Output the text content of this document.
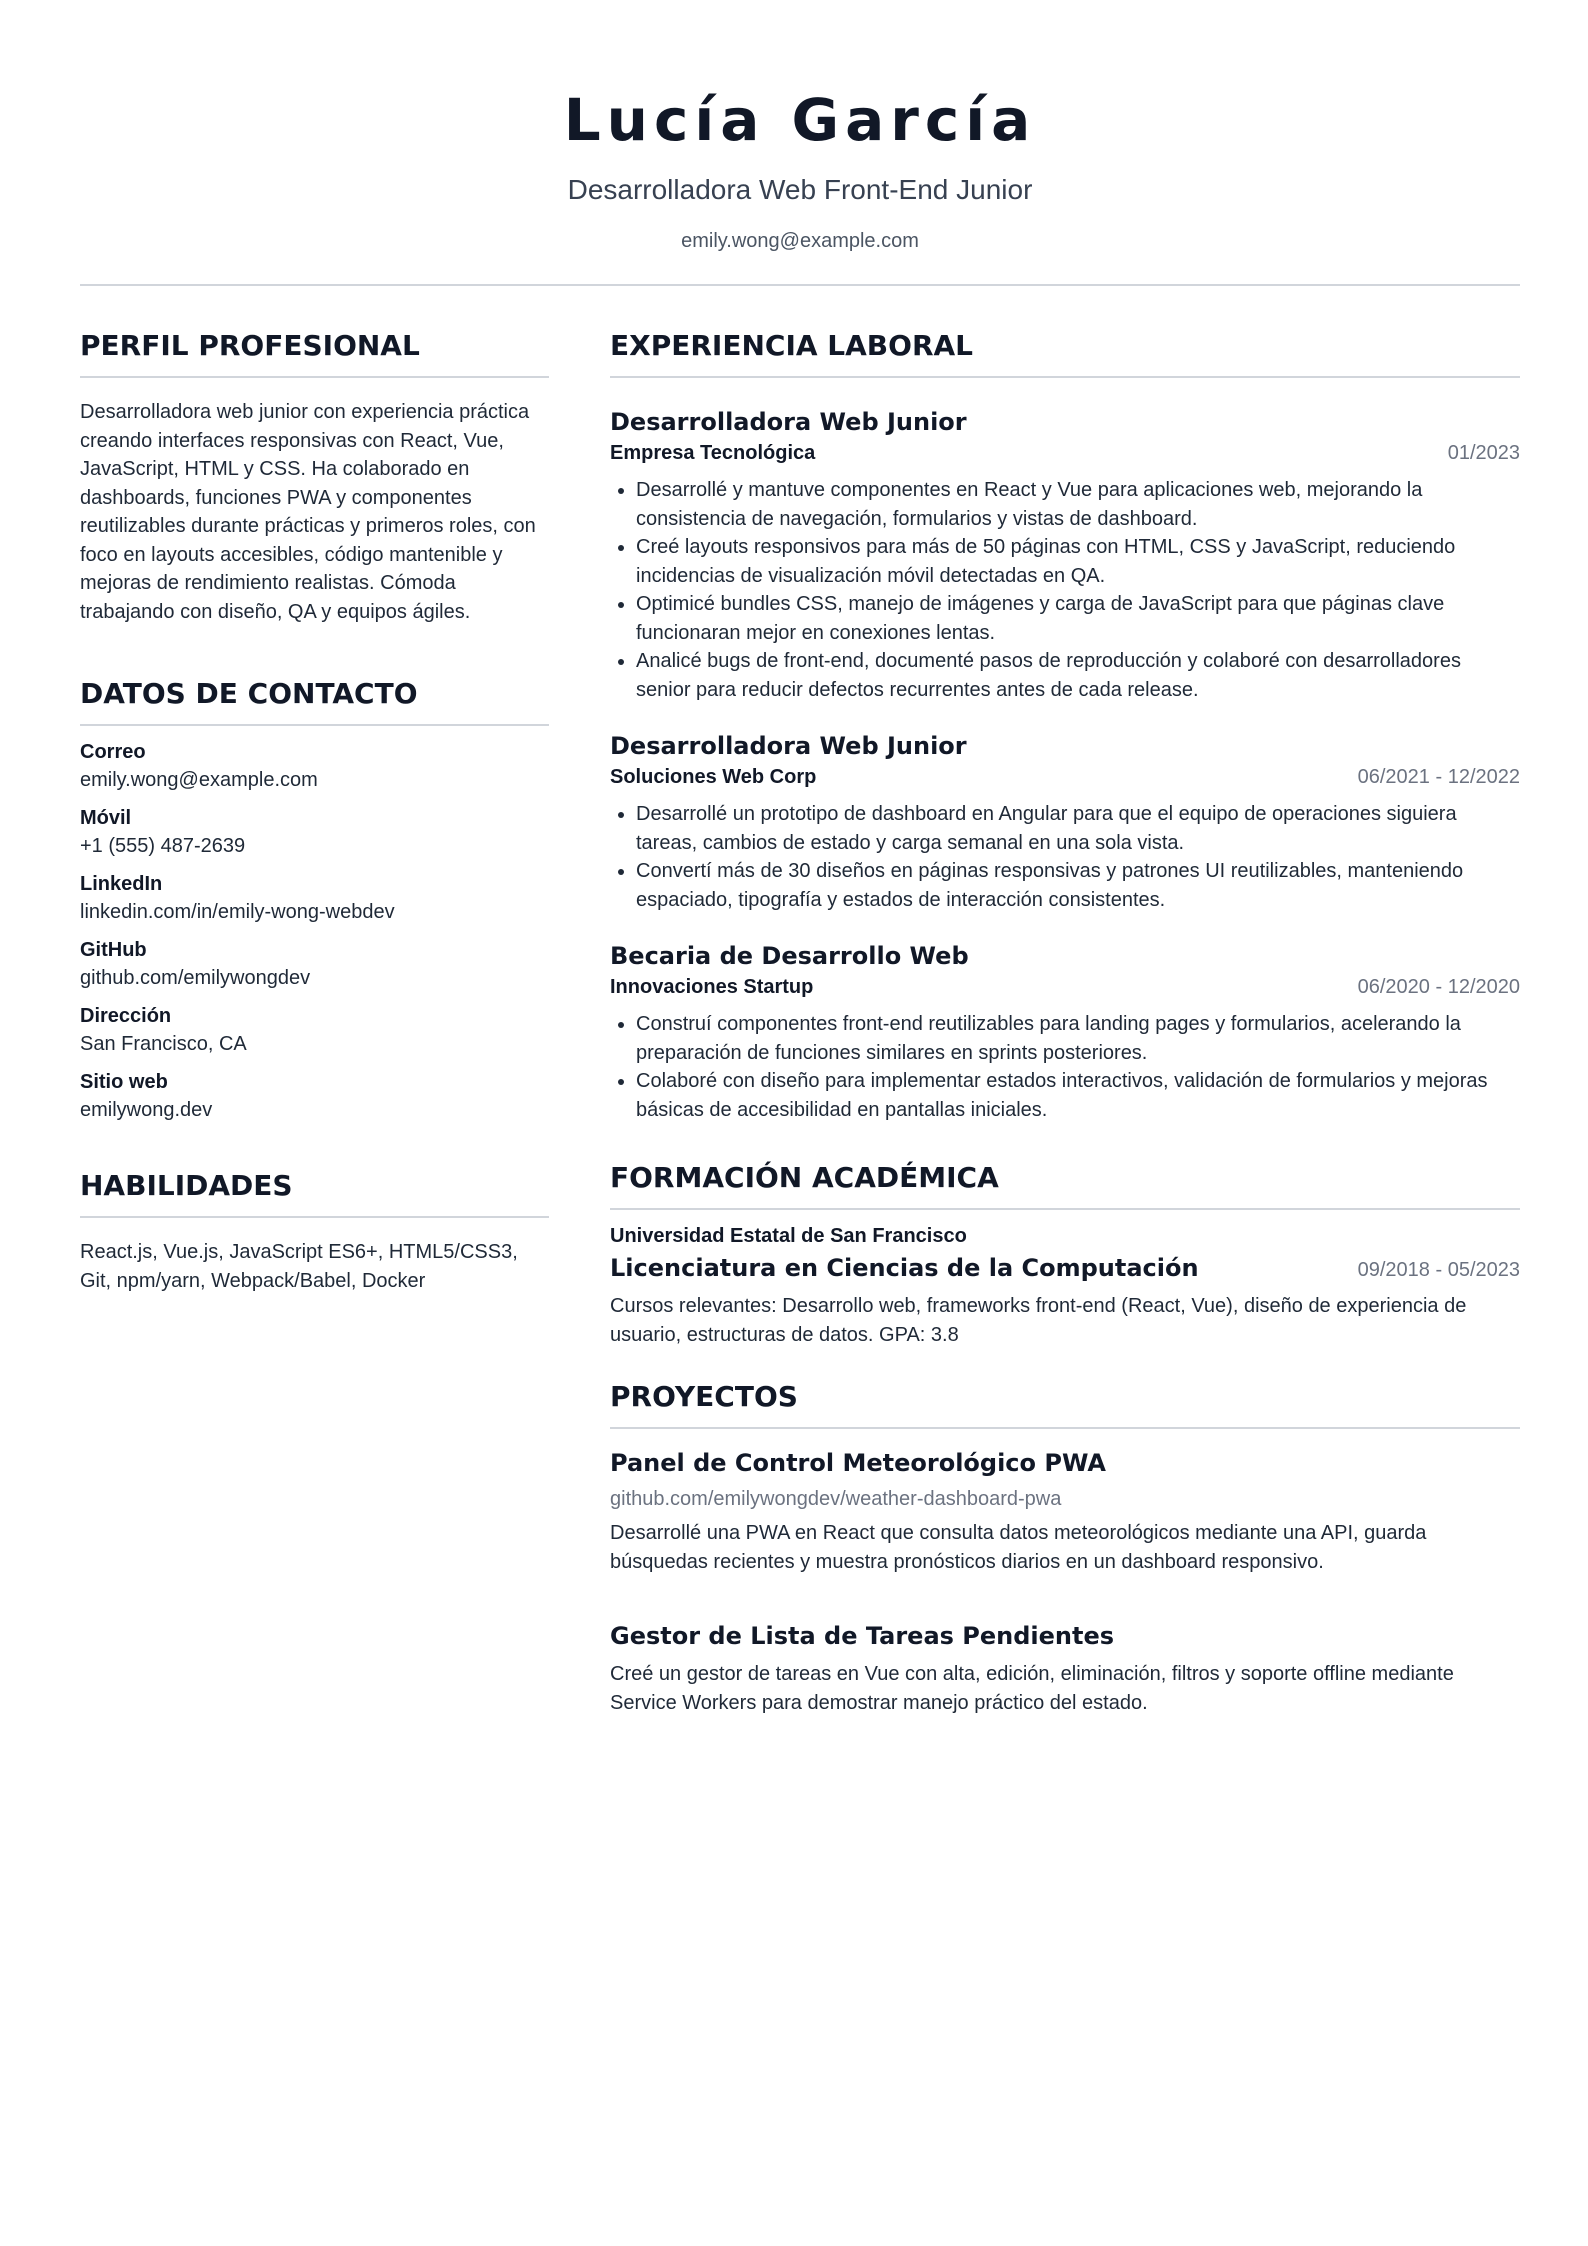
Lucía García
Desarrolladora Web Front-End Junior
emily.wong@example.com
PERFIL PROFESIONAL
Desarrolladora web junior con experiencia práctica creando interfaces responsivas con React, Vue, JavaScript, HTML y CSS. Ha colaborado en dashboards, funciones PWA y componentes reutilizables durante prácticas y primeros roles, con foco en layouts accesibles, código mantenible y mejoras de rendimiento realistas. Cómoda trabajando con diseño, QA y equipos ágiles.
DATOS DE CONTACTO
Correo
emily.wong@example.com
Móvil
+1 (555) 487-2639
LinkedIn
linkedin.com/in/emily-wong-webdev
GitHub
github.com/emilywongdev
Dirección
San Francisco, CA
Sitio web
emilywong.dev
HABILIDADES
React.js, Vue.js, JavaScript ES6+, HTML5/CSS3, Git, npm/yarn, Webpack/Babel, Docker
EXPERIENCIA LABORAL
Desarrolladora Web Junior
Empresa Tecnológica	01/2023
• Desarrollé y mantuve componentes en React y Vue para aplicaciones web, mejorando la consistencia de navegación, formularios y vistas de dashboard.
• Creé layouts responsivos para más de 50 páginas con HTML, CSS y JavaScript, reduciendo incidencias de visualización móvil detectadas en QA.
• Optimicé bundles CSS, manejo de imágenes y carga de JavaScript para que páginas clave funcionaran mejor en conexiones lentas.
• Analicé bugs de front-end, documenté pasos de reproducción y colaboré con desarrolladores senior para reducir defectos recurrentes antes de cada release.
Desarrolladora Web Junior
Soluciones Web Corp	06/2021 - 12/2022
• Desarrollé un prototipo de dashboard en Angular para que el equipo de operaciones siguiera tareas, cambios de estado y carga semanal en una sola vista.
• Convertí más de 30 diseños en páginas responsivas y patrones UI reutilizables, manteniendo espaciado, tipografía y estados de interacción consistentes.
Becaria de Desarrollo Web
Innovaciones Startup	06/2020 - 12/2020
• Construí componentes front-end reutilizables para landing pages y formularios, acelerando la preparación de funciones similares en sprints posteriores.
• Colaboré con diseño para implementar estados interactivos, validación de formularios y mejoras básicas de accesibilidad en pantallas iniciales.
FORMACIÓN ACADÉMICA
Universidad Estatal de San Francisco
Licenciatura en Ciencias de la Computación	09/2018 - 05/2023
Cursos relevantes: Desarrollo web, frameworks front-end (React, Vue), diseño de experiencia de usuario, estructuras de datos. GPA: 3.8
PROYECTOS
Panel de Control Meteorológico PWA
github.com/emilywongdev/weather-dashboard-pwa
Desarrollé una PWA en React que consulta datos meteorológicos mediante una API, guarda búsquedas recientes y muestra pronósticos diarios en un dashboard responsivo.
Gestor de Lista de Tareas Pendientes
Creé un gestor de tareas en Vue con alta, edición, eliminación, filtros y soporte offline mediante Service Workers para demostrar manejo práctico del estado.
